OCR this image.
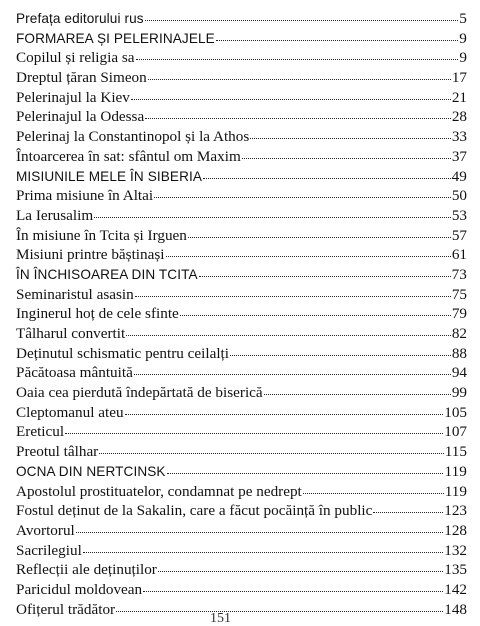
Prefața editorului rus	5
FORMAREA ȘI PELERINAJELE	9
Copilul și religia sa	9
Dreptul țăran Simeon	17
Pelerinajul la Kiev	21
Pelerinajul la Odessa	28
Pelerinaj la Constantinopol și la Athos	33
Întoarcerea în sat: sfântul om Maxim	37
MISIUNILE MELE ÎN SIBERIA	49
Prima misiune în Altai	50
La Ierusalim	53
În misiune în Tcita și Irguen	57
Misiuni printre băștinași	61
ÎN ÎNCHISOAREA DIN TCITA	73
Seminaristul asasin	75
Inginerul hoț de cele sfinte	79
Tâlharul convertit	82
Deținutul schismatic pentru ceilalți	88
Păcătoasa mântuită	94
Oaia cea pierdută îndepărtată de biserică	99
Cleptomanul ateu	105
Ereticul	107
Preotul tâlhar	115
OCNA DIN NERTCINSK	119
Apostolul prostituatelor, condamnat pe nedrept	119
Fostul deținut de la Sakalin, care a făcut pocăință în public	123
Avortorul	128
Sacrilegiul	132
Reflecții ale deținuților	135
Paricidul moldovean	142
Ofițerul trădător	148
151
